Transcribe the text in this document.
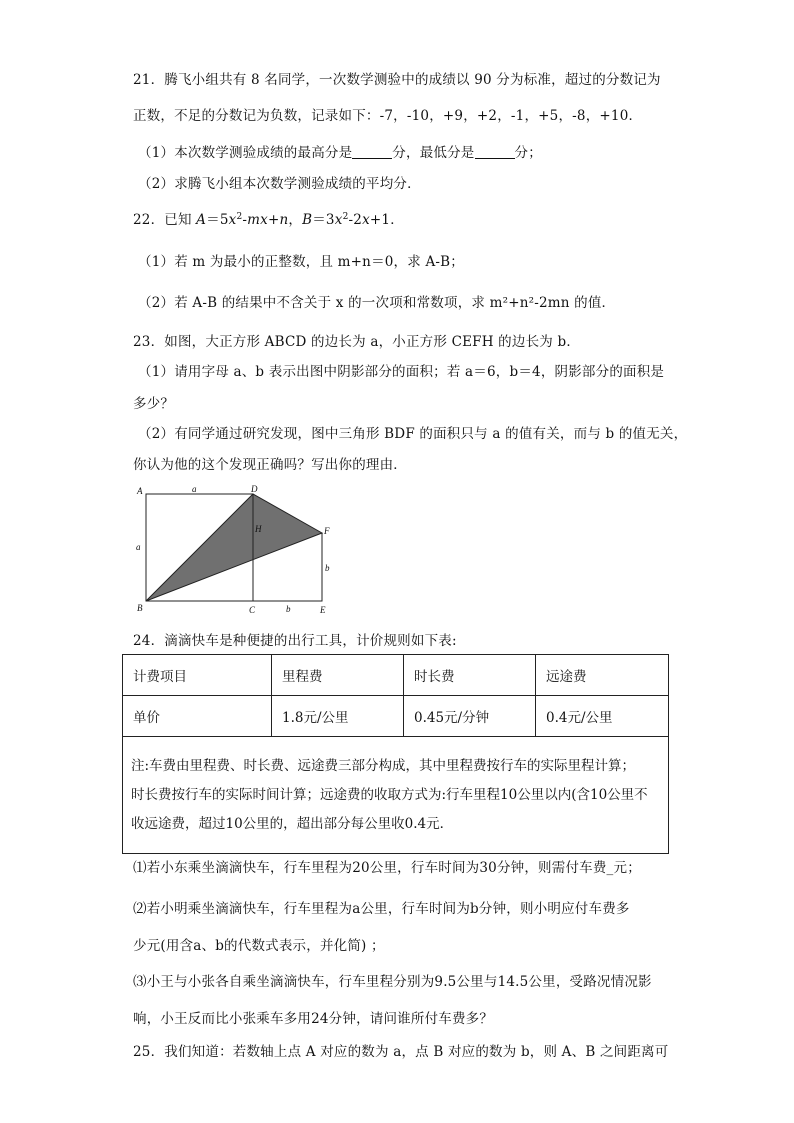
21．腾飞小组共有 8 名同学，一次数学测验中的成绩以 90 分为标准，超过的分数记为
正数，不足的分数记为负数，记录如下：-7，-10，+9，+2，-1，+5，-8，+10．
（1）本次数学测验成绩的最高分是	分，最低分是	分；
（2）求腾飞小组本次数学测验成绩的平均分．
22．已知 $A=5x^2-mx+n$，$B=3x^2-2x+1$．
（1）若 m 为最小的正整数，且 m+n＝0，求 A-B；
（2）若 A-B 的结果中不含关于 x 的一次项和常数项，求 m²+n²-2mn 的值．
23．如图，大正方形 ABCD 的边长为 a，小正方形 CEFH 的边长为 b．
（1）请用字母 a、b 表示出图中阴影部分的面积；若 a＝6，b＝4，阴影部分的面积是
多少？
（2）有同学通过研究发现，图中三角形 BDF 的面积只与 a 的值有关，而与 b 的值无关，
你认为他的这个发现正确吗？写出你的理由．
A
B	C
D
E
F
H
a
a
b
b
24．滴滴快车是种便捷的出行工具，计价规则如下表:
计费项目	里程费	时长费	远途费
单价	1.8元/公里	0.45元/分钟	0.4元/公里

注:车费由里程费、时长费、远途费三部分构成，其中里程费按行车的实际里程计算；
时长费按行车的实际时间计算；远途费的收取方式为:行车里程10公里以内(含10公里不
收远途费，超过10公里的，超出部分每公里收0.4元．			
⑴若小东乘坐滴滴快车，行车里程为20公里，行车时间为30分钟，则需付车费_元；
⑵若小明乘坐滴滴快车，行车里程为a公里，行车时间为b分钟，则小明应付车费多
少元(用含a、b的代数式表示，并化简) ；
⑶小王与小张各自乘坐滴滴快车，行车里程分别为9.5公里与14.5公里，受路况情况影
响，小王反而比小张乘车多用24分钟，请问谁所付车费多？
25．我们知道：若数轴上点 A 对应的数为 a，点 B 对应的数为 b，则 A、B 之间距离可
